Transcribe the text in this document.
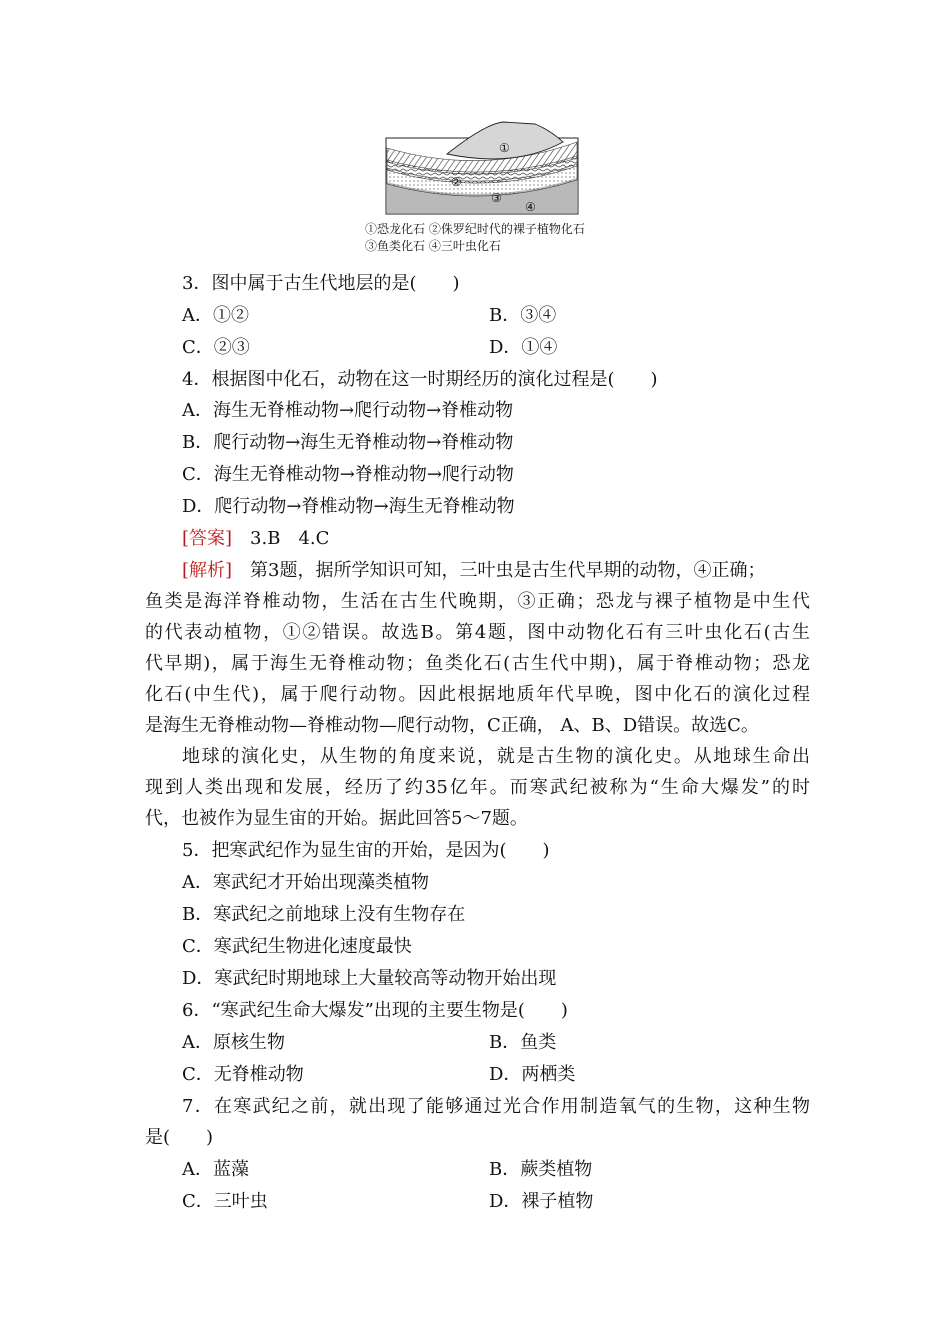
①
②
③
④
①恐龙化石 ②侏罗纪时代的裸子植物化石
③鱼类化石 ④三叶虫化石
3．图中属于古生代地层的是(　　)
A．①②	B．③④
C．②③	D．①④
4．根据图中化石，动物在这一时期经历的演化过程是(　　)
A．海生无脊椎动物→爬行动物→脊椎动物
B．爬行动物→海生无脊椎动物→脊椎动物
C．海生无脊椎动物→脊椎动物→爬行动物
D．爬行动物→脊椎动物→海生无脊椎动物
[答案]　3.B　4.C
[解析]　第3题，据所学知识可知，三叶虫是古生代早期的动物，④正确；
鱼类是海洋脊椎动物，生活在古生代晚期，③正确；恐龙与裸子植物是中生代
的代表动植物，①②错误。故选B。第4题，图中动物化石有三叶虫化石(古生
代早期)，属于海生无脊椎动物；鱼类化石(古生代中期)，属于脊椎动物；恐龙
化石(中生代)，属于爬行动物。因此根据地质年代早晚，图中化石的演化过程
是海生无脊椎动物—脊椎动物—爬行动物，C正确， A、B、D错误。故选C。
地球的演化史，从生物的角度来说，就是古生物的演化史。从地球生命出
现到人类出现和发展，经历了约35亿年。而寒武纪被称为“生命大爆发”的时
代，也被作为显生宙的开始。据此回答5～7题。
5．把寒武纪作为显生宙的开始，是因为(　　)
A．寒武纪才开始出现藻类植物
B．寒武纪之前地球上没有生物存在
C．寒武纪生物进化速度最快
D．寒武纪时期地球上大量较高等动物开始出现
6．“寒武纪生命大爆发”出现的主要生物是(　　)
A．原核生物	B．鱼类
C．无脊椎动物	D．两栖类
7．在寒武纪之前，就出现了能够通过光合作用制造氧气的生物，这种生物
是(　　)
A．蓝藻	B．蕨类植物
C．三叶虫	D．裸子植物
